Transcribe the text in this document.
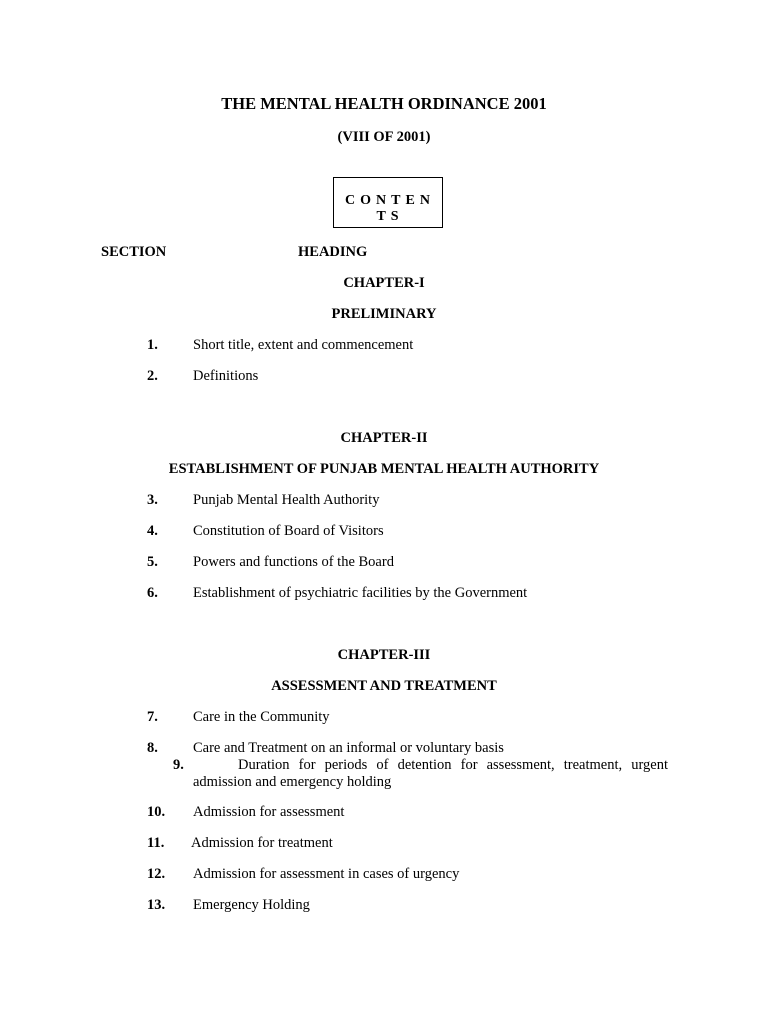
THE MENTAL HEALTH ORDINANCE 2001
(VIII OF 2001)
CONTENTS
SECTION	HEADING
CHAPTER-I
PRELIMINARY
1. Short title, extent and commencement
2. Definitions
CHAPTER-II
ESTABLISHMENT OF PUNJAB MENTAL HEALTH AUTHORITY
3. Punjab Mental Health Authority
4. Constitution of Board of Visitors
5. Powers and functions of the Board
6. Establishment of psychiatric facilities by the Government
CHAPTER-III
ASSESSMENT AND TREATMENT
7. Care in the Community
8. Care and Treatment on an informal or voluntary basis
9.	Duration for periods of detention for assessment, treatment, urgent
admission and emergency holding
10. Admission for assessment
11. Admission for treatment
12. Admission for assessment in cases of urgency
13. Emergency Holding
